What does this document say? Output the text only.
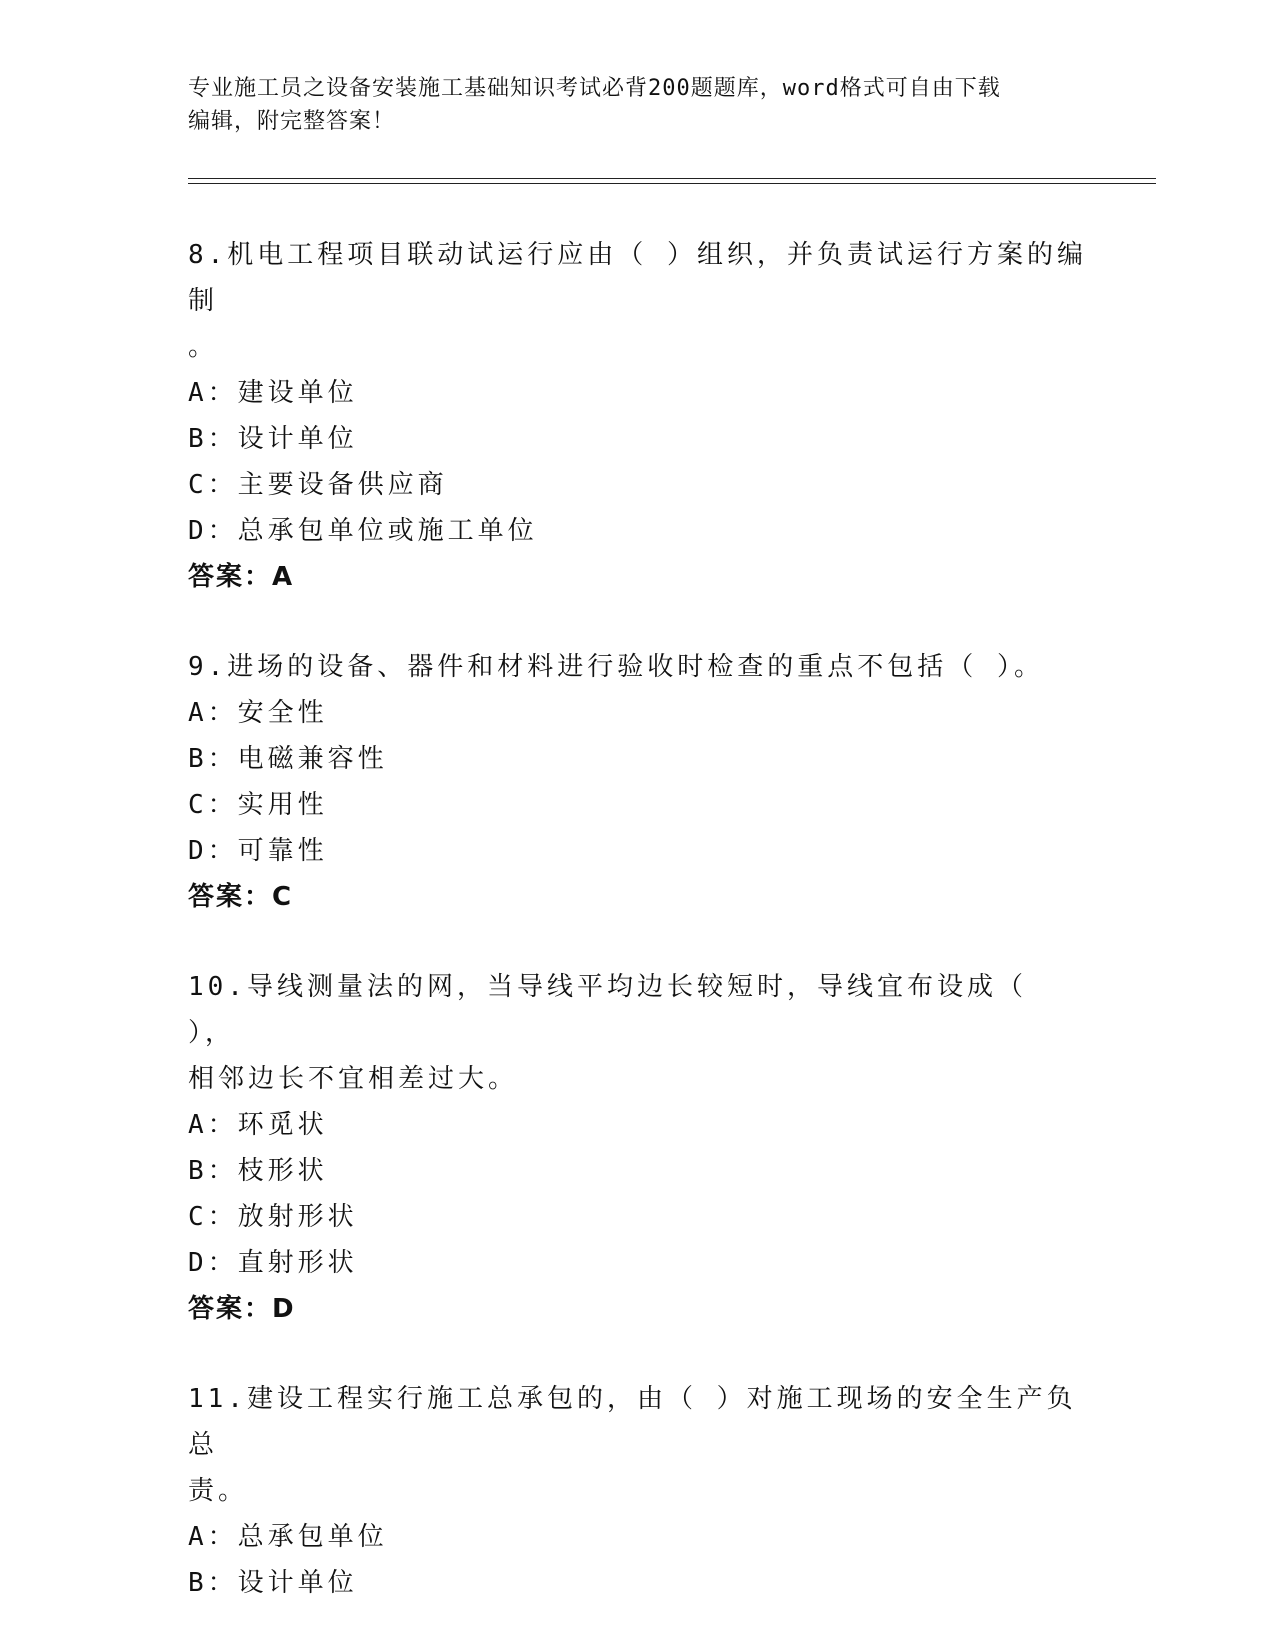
专业施工员之设备安装施工基础知识考试必背200题题库，word格式可自由下载
编辑，附完整答案！

8.机电工程项目联动试运行应由（ ）组织，并负责试运行方案的编制

。

A：建设单位

B：设计单位

C：主要设备供应商

D：总承包单位或施工单位

答案：A

9.进场的设备、器件和材料进行验收时检查的重点不包括（ ）。

A：安全性

B：电磁兼容性

C：实用性

D：可靠性

答案：C

10.导线测量法的网，当导线平均边长较短时，导线宜布设成（ ），

相邻边长不宜相差过大。

A：环觅状

B：枝形状

C：放射形状

D：直射形状

答案：D

11.建设工程实行施工总承包的，由（ ）对施工现场的安全生产负总

责。

A：总承包单位

B：设计单位
